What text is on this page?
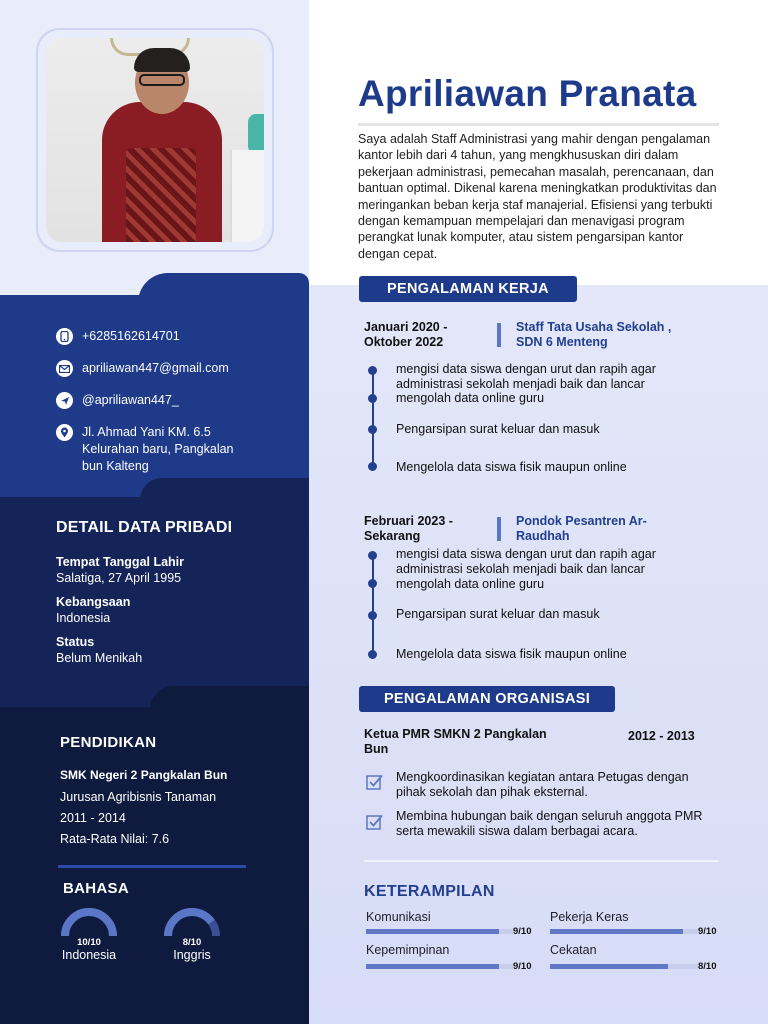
+6285162614701
apriliawan447@gmail.com
@apriliawan447_
Jl. Ahmad Yani KM. 6.5 Kelurahan baru, Pangkalan bun Kalteng
DETAIL DATA PRIBADI
Tempat Tanggal Lahir
Salatiga, 27 April 1995
Kebangsaan
Indonesia
Status
Belum Menikah
PENDIDIKAN
SMK Negeri 2 Pangkalan Bun
Jurusan Agribisnis Tanaman
2011 - 2014
Rata-Rata Nilai: 7.6
BAHASA
10/10
Indonesia
8/10
Inggris
Apriliawan Pranata
Saya adalah Staff Administrasi yang mahir dengan pengalaman kantor lebih dari 4 tahun, yang mengkhususkan diri dalam pekerjaan administrasi, pemecahan masalah, perencanaan, dan bantuan optimal. Dikenal karena meningkatkan produktivitas dan meringankan beban kerja staf manajerial. Efisiensi yang terbukti dengan kemampuan mempelajari dan menavigasi program perangkat lunak komputer, atau sistem pengarsipan kantor dengan cepat.
PENGALAMAN KERJA
Januari 2020 - Oktober 2022
Staff Tata Usaha Sekolah , SDN 6 Menteng
mengisi data siswa dengan urut dan rapih agar administrasi sekolah menjadi baik dan lancar
mengolah data online guru
Pengarsipan surat keluar dan masuk
Mengelola data siswa fisik maupun online
Februari 2023 - Sekarang
Pondok Pesantren Ar-Raudhah
mengisi data siswa dengan urut dan rapih agar administrasi sekolah menjadi baik dan lancar
mengolah data online guru
Pengarsipan surat keluar dan masuk
Mengelola data siswa fisik maupun online
PENGALAMAN ORGANISASI
Ketua PMR SMKN 2 Pangkalan Bun
2012 - 2013
Mengkoordinasikan kegiatan antara Petugas dengan pihak sekolah dan pihak eksternal.
Membina hubungan baik dengan seluruh anggota PMR serta mewakili siswa dalam berbagai acara.
KETERAMPILAN
Komunikasi
9/10
Pekerja Keras
9/10
Kepemimpinan
9/10
Cekatan
8/10
